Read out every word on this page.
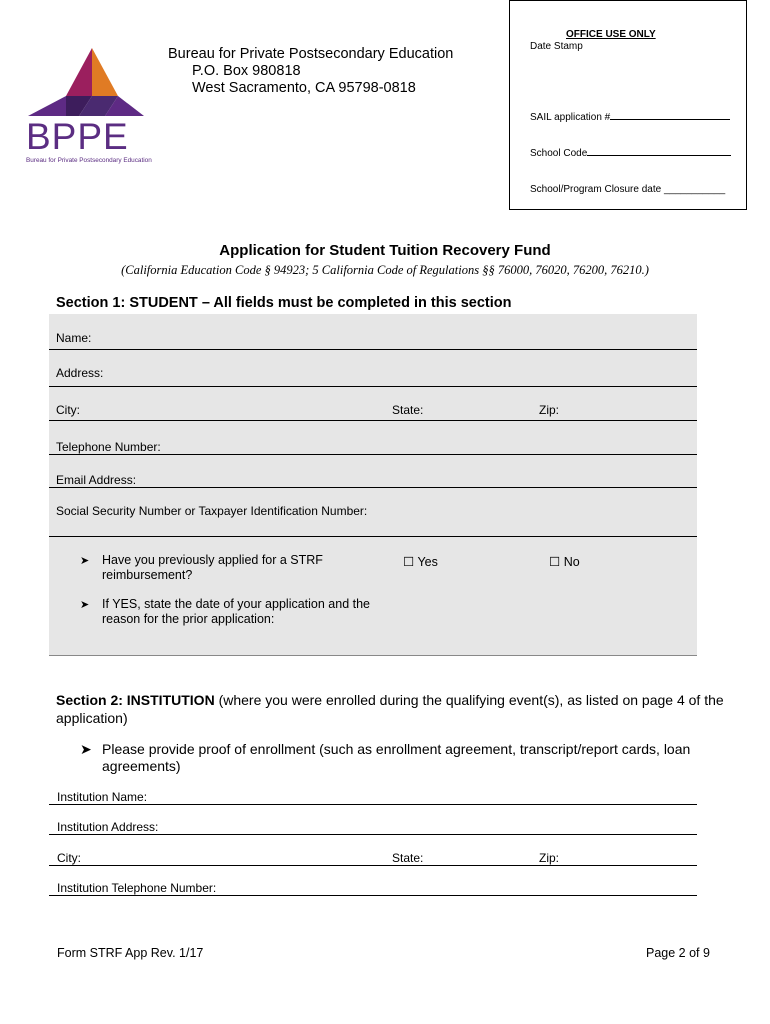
BPPE
Bureau for Private Postsecondary Education
Bureau for Private Postsecondary Education
P.O. Box 980818
West Sacramento, CA 95798-0818
OFFICE USE ONLY
Date Stamp
SAIL application #
School Code
School/Program Closure date ___________
Application for Student Tuition Recovery Fund
(California Education Code § 94923; 5 California Code of Regulations §§ 76000, 76020, 76200, 76210.)
Section 1: STUDENT – All fields must be completed in this section
Name:
Address:
City:	State:	Zip:
Telephone Number:
Email Address:
Social Security Number or Taxpayer Identification Number:
➤ Have you previously applied for a STRF reimbursement?
☐ Yes	☐ No
➤ If YES, state the date of your application and the reason for the prior application:
Section 2: INSTITUTION (where you were enrolled during the qualifying event(s), as listed on page 4 of the application)
➤ Please provide proof of enrollment (such as enrollment agreement, transcript/report cards, loan agreements)
Institution Name:
Institution Address:
City:	State:	Zip:
Institution Telephone Number:
Form STRF App Rev. 1/17	Page 2 of 9
